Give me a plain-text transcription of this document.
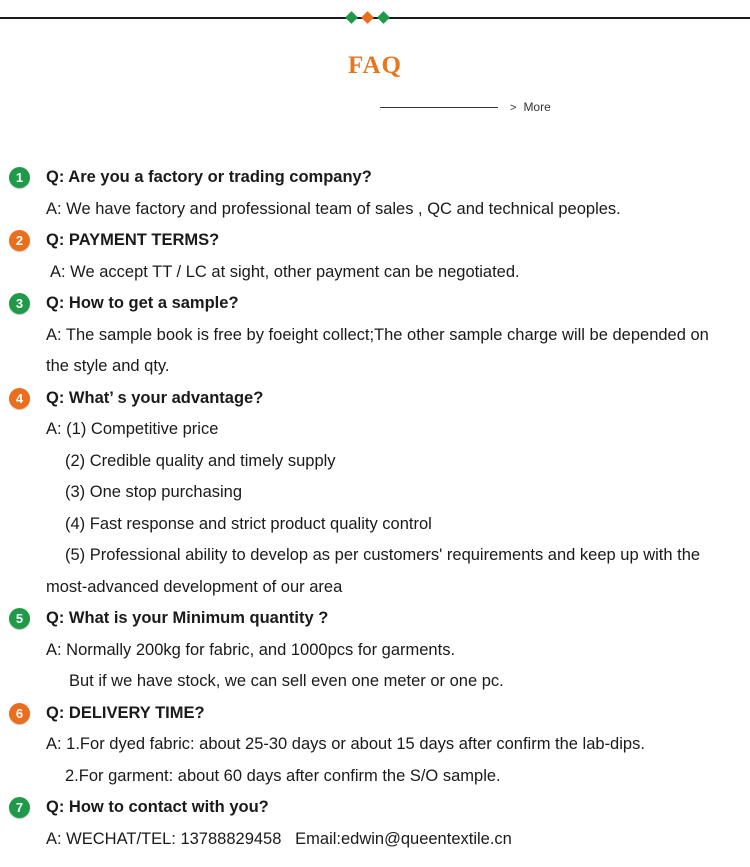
FAQ
> More
1	Q: Are you a factory or trading company?
A: We have factory and professional team of sales , QC and technical peoples.
2	Q: PAYMENT TERMS?
A: We accept TT / LC at sight, other payment can be negotiated.
3	Q: How to get a sample?
A: The sample book is free by foeight collect;The other sample charge will be depended on
the style and qty.
4	Q: What’ s your advantage?
A: (1) Competitive price
(2) Credible quality and timely supply
(3) One stop purchasing
(4) Fast response and strict product quality control
(5) Professional ability to develop as per customers' requirements and keep up with the
most-advanced development of our area
5	Q: What is your Minimum quantity ?
A: Normally 200kg for fabric, and 1000pcs for garments.
But if we have stock, we can sell even one meter or one pc.
6	Q: DELIVERY TIME?
A: 1.For dyed fabric: about 25-30 days or about 15 days after confirm the lab-dips.
2.For garment: about 60 days after confirm the S/O sample.
7	Q: How to contact with you?
A: WECHAT/TEL: 13788829458   Email:edwin@queentextile.cn
